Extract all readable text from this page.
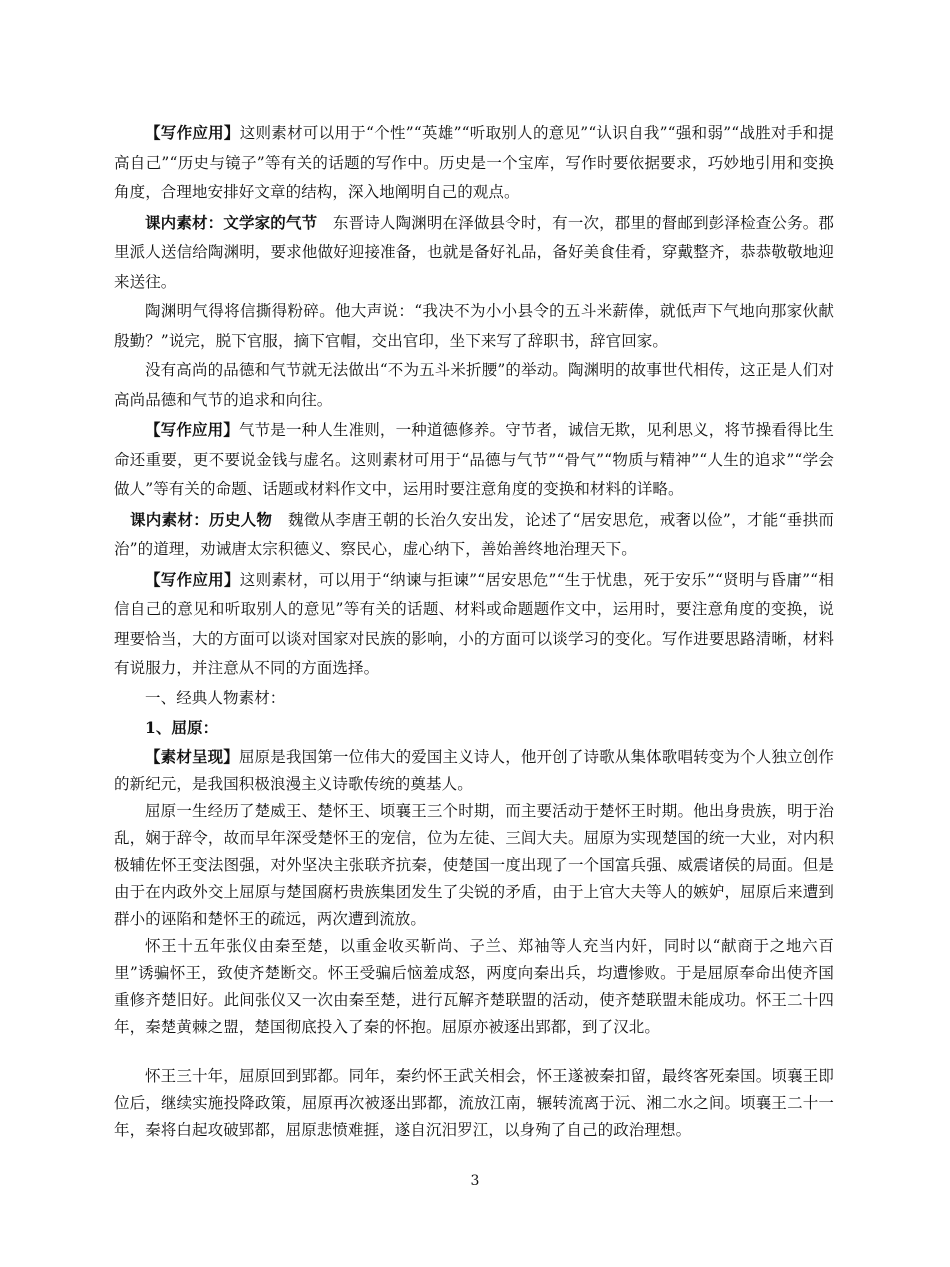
【写作应用】这则素材可以用于“个性”“英雄”“听取别人的意见”“认识自我”“强和弱”“战胜对手和提高自己”“历史与镜子”等有关的话题的写作中。历史是一个宝库，写作时要依据要求，巧妙地引用和变换角度，合理地安排好文章的结构，深入地阐明自己的观点。

课内素材：文学家的气节　东晋诗人陶渊明在泽做县令时，有一次，郡里的督邮到彭泽检查公务。郡里派人送信给陶渊明，要求他做好迎接准备，也就是备好礼品，备好美食佳肴，穿戴整齐，恭恭敬敬地迎来送往。

陶渊明气得将信撕得粉碎。他大声说：“我决不为小小县令的五斗米薪俸，就低声下气地向那家伙献殷勤？”说完，脱下官服，摘下官帽，交出官印，坐下来写了辞职书，辞官回家。

没有高尚的品德和气节就无法做出“不为五斗米折腰”的举动。陶渊明的故事世代相传，这正是人们对高尚品德和气节的追求和向往。

【写作应用】气节是一种人生准则，一种道德修养。守节者，诚信无欺，见利思义，将节操看得比生命还重要，更不要说金钱与虚名。这则素材可用于“品德与气节”“骨气”“物质与精神”“人生的追求”“学会做人”等有关的命题、话题或材料作文中，运用时要注意角度的变换和材料的详略。

课内素材：历史人物　魏徵从李唐王朝的长治久安出发，论述了“居安思危，戒奢以俭”，才能“垂拱而治”的道理，劝诫唐太宗积德义、察民心，虚心纳下，善始善终地治理天下。

【写作应用】这则素材，可以用于“纳谏与拒谏”“居安思危”“生于忧患，死于安乐”“贤明与昏庸”“相信自己的意见和听取别人的意见”等有关的话题、材料或命题题作文中，运用时，要注意角度的变换，说理要恰当，大的方面可以谈对国家对民族的影响，小的方面可以谈学习的变化。写作进要思路清晰，材料有说服力，并注意从不同的方面选择。

一、经典人物素材：

1、屈原：

【素材呈现】屈原是我国第一位伟大的爱国主义诗人，他开创了诗歌从集体歌唱转变为个人独立创作的新纪元，是我国积极浪漫主义诗歌传统的奠基人。

屈原一生经历了楚威王、楚怀王、顷襄王三个时期，而主要活动于楚怀王时期。他出身贵族，明于治乱，娴于辞令，故而早年深受楚怀王的宠信，位为左徒、三闾大夫。屈原为实现楚国的统一大业，对内积极辅佐怀王变法图强，对外坚决主张联齐抗秦，使楚国一度出现了一个国富兵强、威震诸侯的局面。但是由于在内政外交上屈原与楚国腐朽贵族集团发生了尖锐的矛盾，由于上官大夫等人的嫉妒，屈原后来遭到群小的诬陷和楚怀王的疏远，两次遭到流放。

怀王十五年张仪由秦至楚，以重金收买靳尚、子兰、郑袖等人充当内奸，同时以“献商于之地六百里”诱骗怀王，致使齐楚断交。怀王受骗后恼羞成怒，两度向秦出兵，均遭惨败。于是屈原奉命出使齐国重修齐楚旧好。此间张仪又一次由秦至楚，进行瓦解齐楚联盟的活动，使齐楚联盟未能成功。怀王二十四年，秦楚黄棘之盟，楚国彻底投入了秦的怀抱。屈原亦被逐出郢都，到了汉北。

怀王三十年，屈原回到郢都。同年，秦约怀王武关相会，怀王遂被秦扣留，最终客死秦国。顷襄王即位后，继续实施投降政策，屈原再次被逐出郢都，流放江南，辗转流离于沅、湘二水之间。顷襄王二十一年，秦将白起攻破郢都，屈原悲愤难捱，遂自沉汨罗江，以身殉了自己的政治理想。

3
